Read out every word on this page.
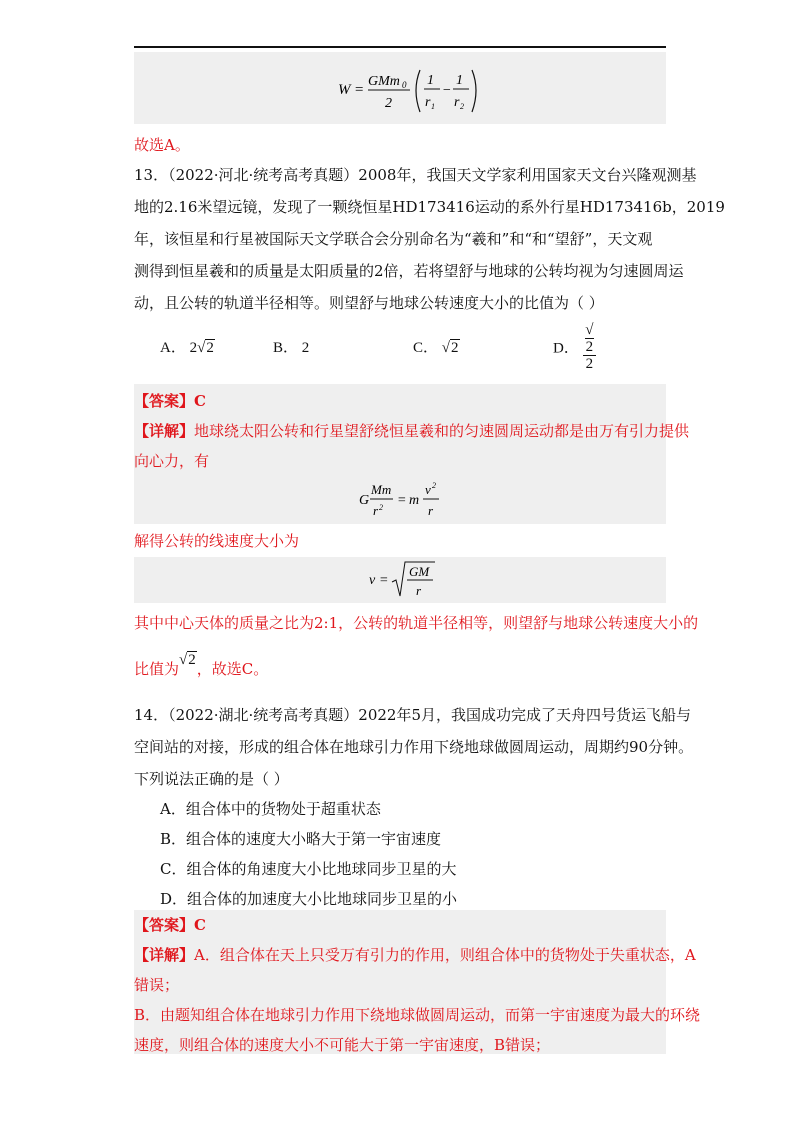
W =
GMm 0
2
1
r 1
−
1
r 2
故选A。
13．（2022·河北·统考高考真题）2008年，我国天文学家利用国家天文台兴隆观测基
地的2.16米望远镜，发现了一颗绕恒星HD173416运动的系外行星HD173416b，2019
年，该恒星和行星被国际天文学联合会分别命名为“羲和”和“和“望舒”，天文观
测得到恒星羲和的质量是太阳质量的2倍，若将望舒与地球的公转均视为匀速圆周运
动，且公转的轨道半径相等。则望舒与地球公转速度大小的比值为（ ）
A． 2√2	B． 2	C． √2	D． √
2
2
【答案】C
【详解】地球绕太阳公转和行星望舒绕恒星羲和的匀速圆周运动都是由万有引力提供
向心力，有
G
Mm
r 2 = m
v 2
r
解得公转的线速度大小为
v =
GM
r
其中中心天体的质量之比为2:1，公转的轨道半径相等，则望舒与地球公转速度大小的
比值为√2，故选C。
14．（2022·湖北·统考高考真题）2022年5月，我国成功完成了天舟四号货运飞船与
空间站的对接，形成的组合体在地球引力作用下绕地球做圆周运动，周期约90分钟。
下列说法正确的是（ ）
A．组合体中的货物处于超重状态
B．组合体的速度大小略大于第一宇宙速度
C．组合体的角速度大小比地球同步卫星的大
D．组合体的加速度大小比地球同步卫星的小
【答案】C
【详解】A．组合体在天上只受万有引力的作用，则组合体中的货物处于失重状态，A
错误；
B．由题知组合体在地球引力作用下绕地球做圆周运动，而第一宇宙速度为最大的环绕
速度，则组合体的速度大小不可能大于第一宇宙速度，B错误；
